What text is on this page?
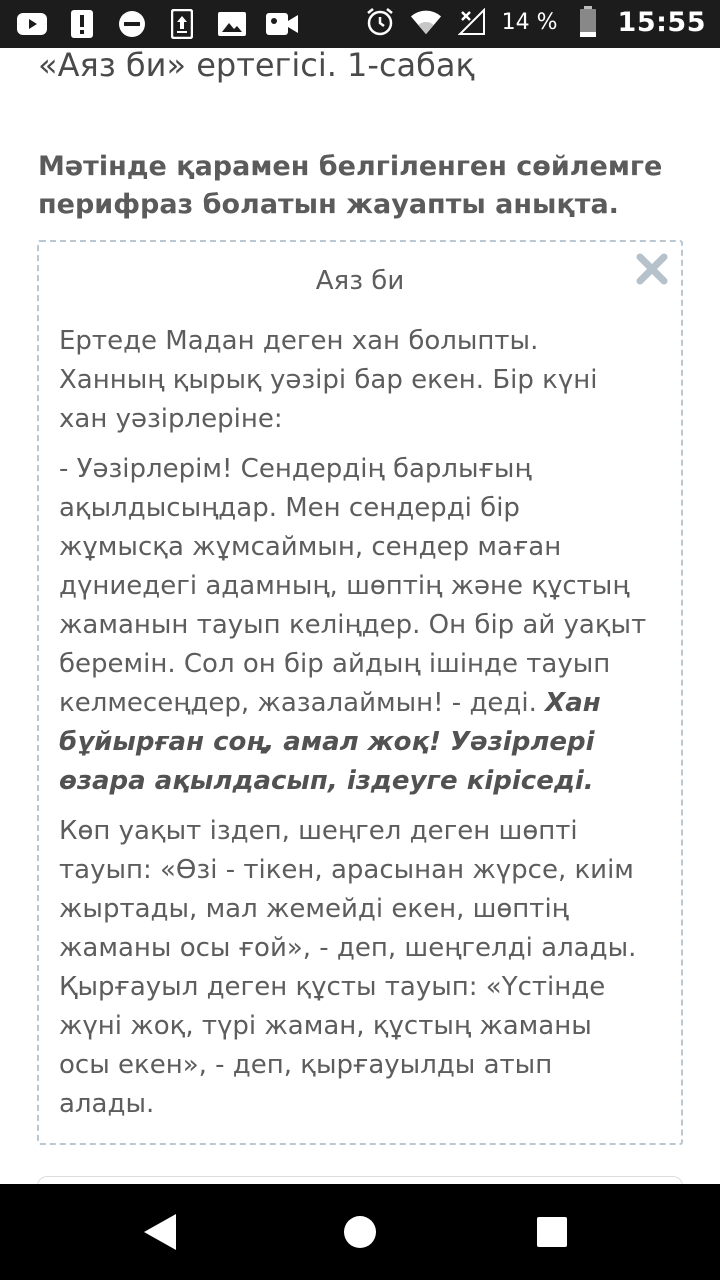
14 % 15:55
«Аяз би» ертегісі. 1-сабақ
Мәтінде қарамен белгіленген сөйлемге перифраз болатын жауапты анықта.
Аяз би

Ертеде Мадан деген хан болыпты. Ханның қырық уәзірі бар екен. Бір күні хан уәзірлеріне:

- Уәзірлерім! Сендердің барлығың ақылдысыңдар. Мен сендерді бір жұмысқа жұмсаймын, сендер маған дүниедегі адамның, шөптің және құстың жаманын тауып келіңдер. Он бір ай уақыт беремін. Сол он бір айдың ішінде тауып келмесеңдер, жазалаймын! - деді. Хан бұйырған соң, амал жоқ! Уәзірлері өзара ақылдасып, іздеуге кіріседі.

Көп уақыт іздеп, шеңгел деген шөпті тауып: «Өзі - тікен, арасынан жүрсе, киім жыртады, мал жемейді екен, шөптің жаманы осы ғой», - деп, шеңгелді алады. Қырғауыл деген құсты тауып: «Үстінде жүні жоқ, түрі жаман, құстың жаманы осы екен», - деп, қырғауылды атып алады.
